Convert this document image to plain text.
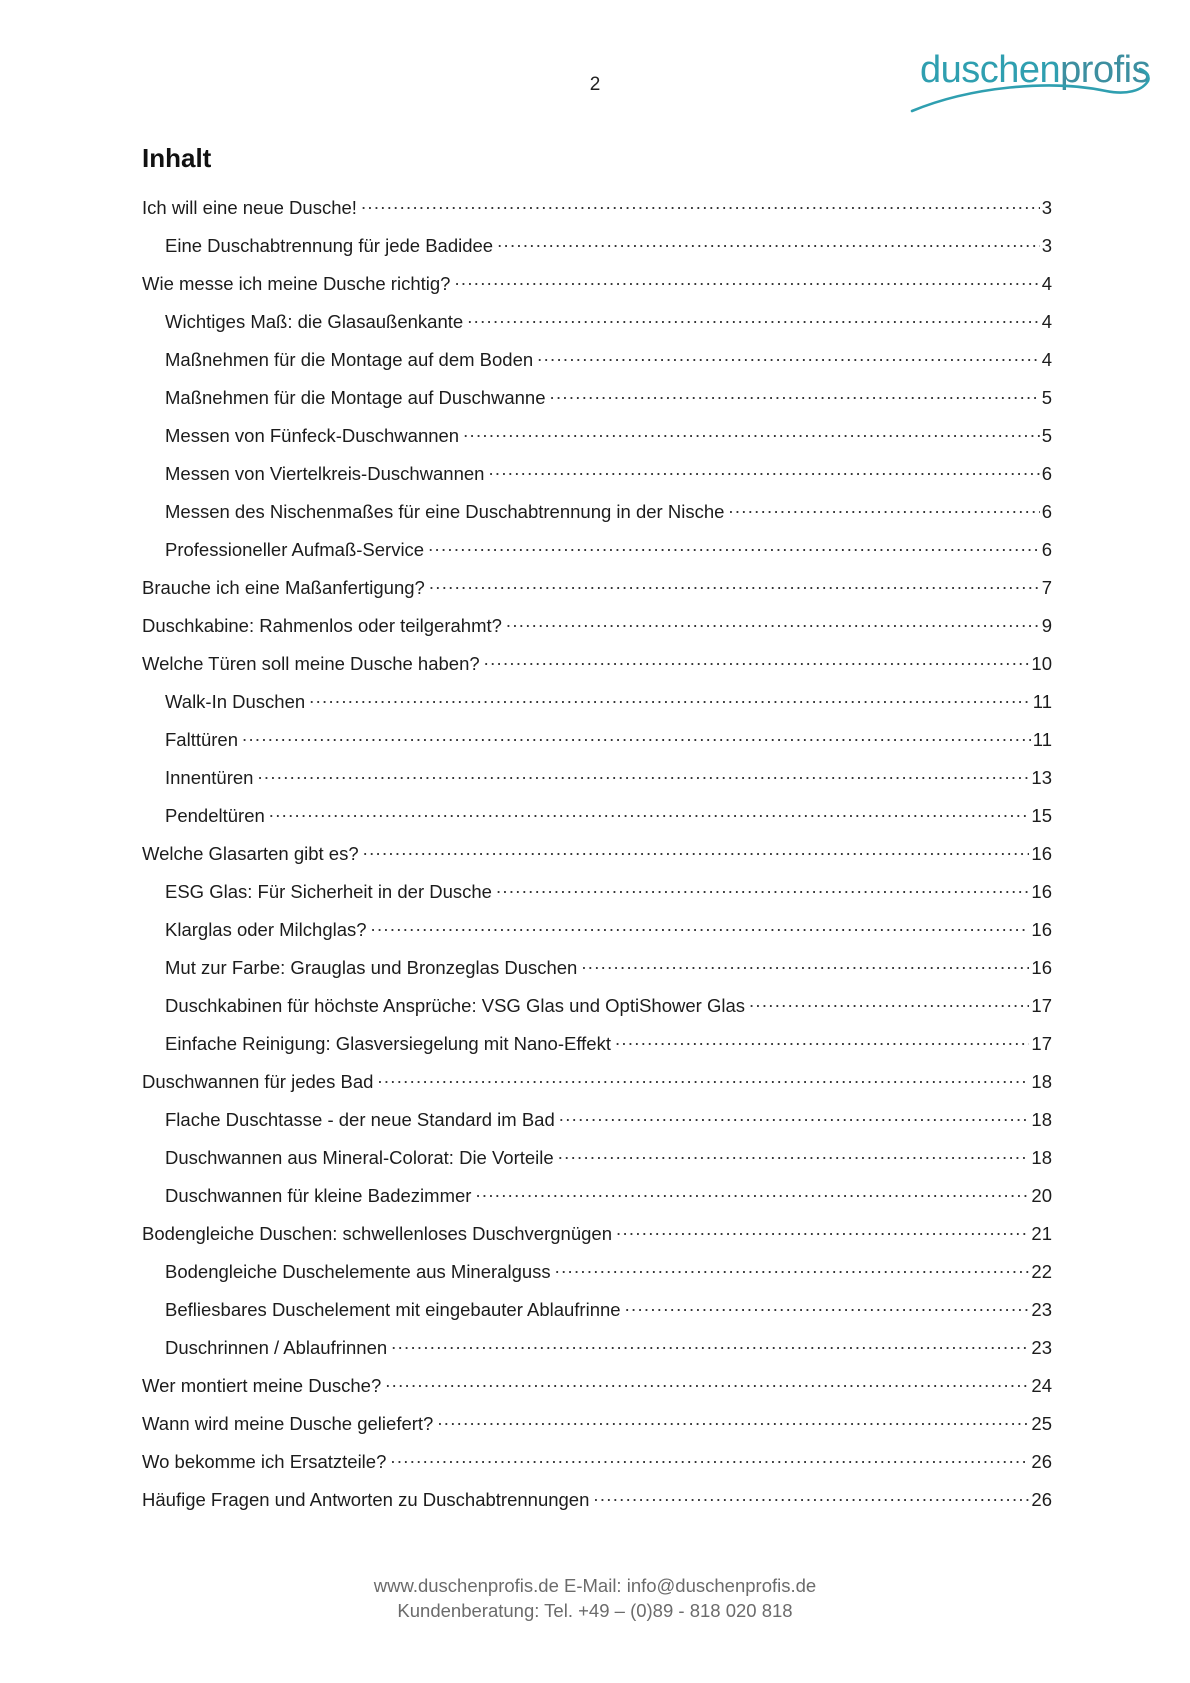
2	duschenprofis
Inhalt
Ich will eine neue Dusche! .....	3
Eine Duschabtrennung für jede Badidee .....	3
Wie messe ich meine Dusche richtig? .....	4
Wichtiges Maß: die Glasaußenkante .....	4
Maßnehmen für die Montage auf dem Boden .....	4
Maßnehmen für die Montage auf Duschwanne .....	5
Messen von Fünfeck-Duschwannen .....	5
Messen von Viertelkreis-Duschwannen .....	6
Messen des Nischenmaßes für eine Duschabtrennung in der Nische .....	6
Professioneller Aufmaß-Service .....	6
Brauche ich eine Maßanfertigung? .....	7
Duschkabine: Rahmenlos oder teilgerahmt? .....	9
Welche Türen soll meine Dusche haben? .....	10
Walk-In Duschen .....	11
Falttüren .....	11
Innentüren .....	13
Pendeltüren .....	15
Welche Glasarten gibt es? .....	16
ESG Glas: Für Sicherheit in der Dusche .....	16
Klarglas oder Milchglas? .....	16
Mut zur Farbe: Grauglas und Bronzeglas Duschen .....	16
Duschkabinen für höchste Ansprüche: VSG Glas und OptiShower Glas .....	17
Einfache Reinigung: Glasversiegelung mit Nano-Effekt .....	17
Duschwannen für jedes Bad .....	18
Flache Duschtasse - der neue Standard im Bad .....	18
Duschwannen aus Mineral-Colorat: Die Vorteile .....	18
Duschwannen für kleine Badezimmer .....	20
Bodengleiche Duschen: schwellenloses Duschvergnügen .....	21
Bodengleiche Duschelemente aus Mineralguss .....	22
Befliesbares Duschelement mit eingebauter Ablaufrinne .....	23
Duschrinnen / Ablaufrinnen .....	23
Wer montiert meine Dusche? .....	24
Wann wird meine Dusche geliefert? .....	25
Wo bekomme ich Ersatzteile? .....	26
Häufige Fragen und Antworten zu Duschabtrennungen .....	26
www.duschenprofis.de E-Mail: info@duschenprofis.de
Kundenberatung: Tel. +49 – (0)89 - 818 020 818
